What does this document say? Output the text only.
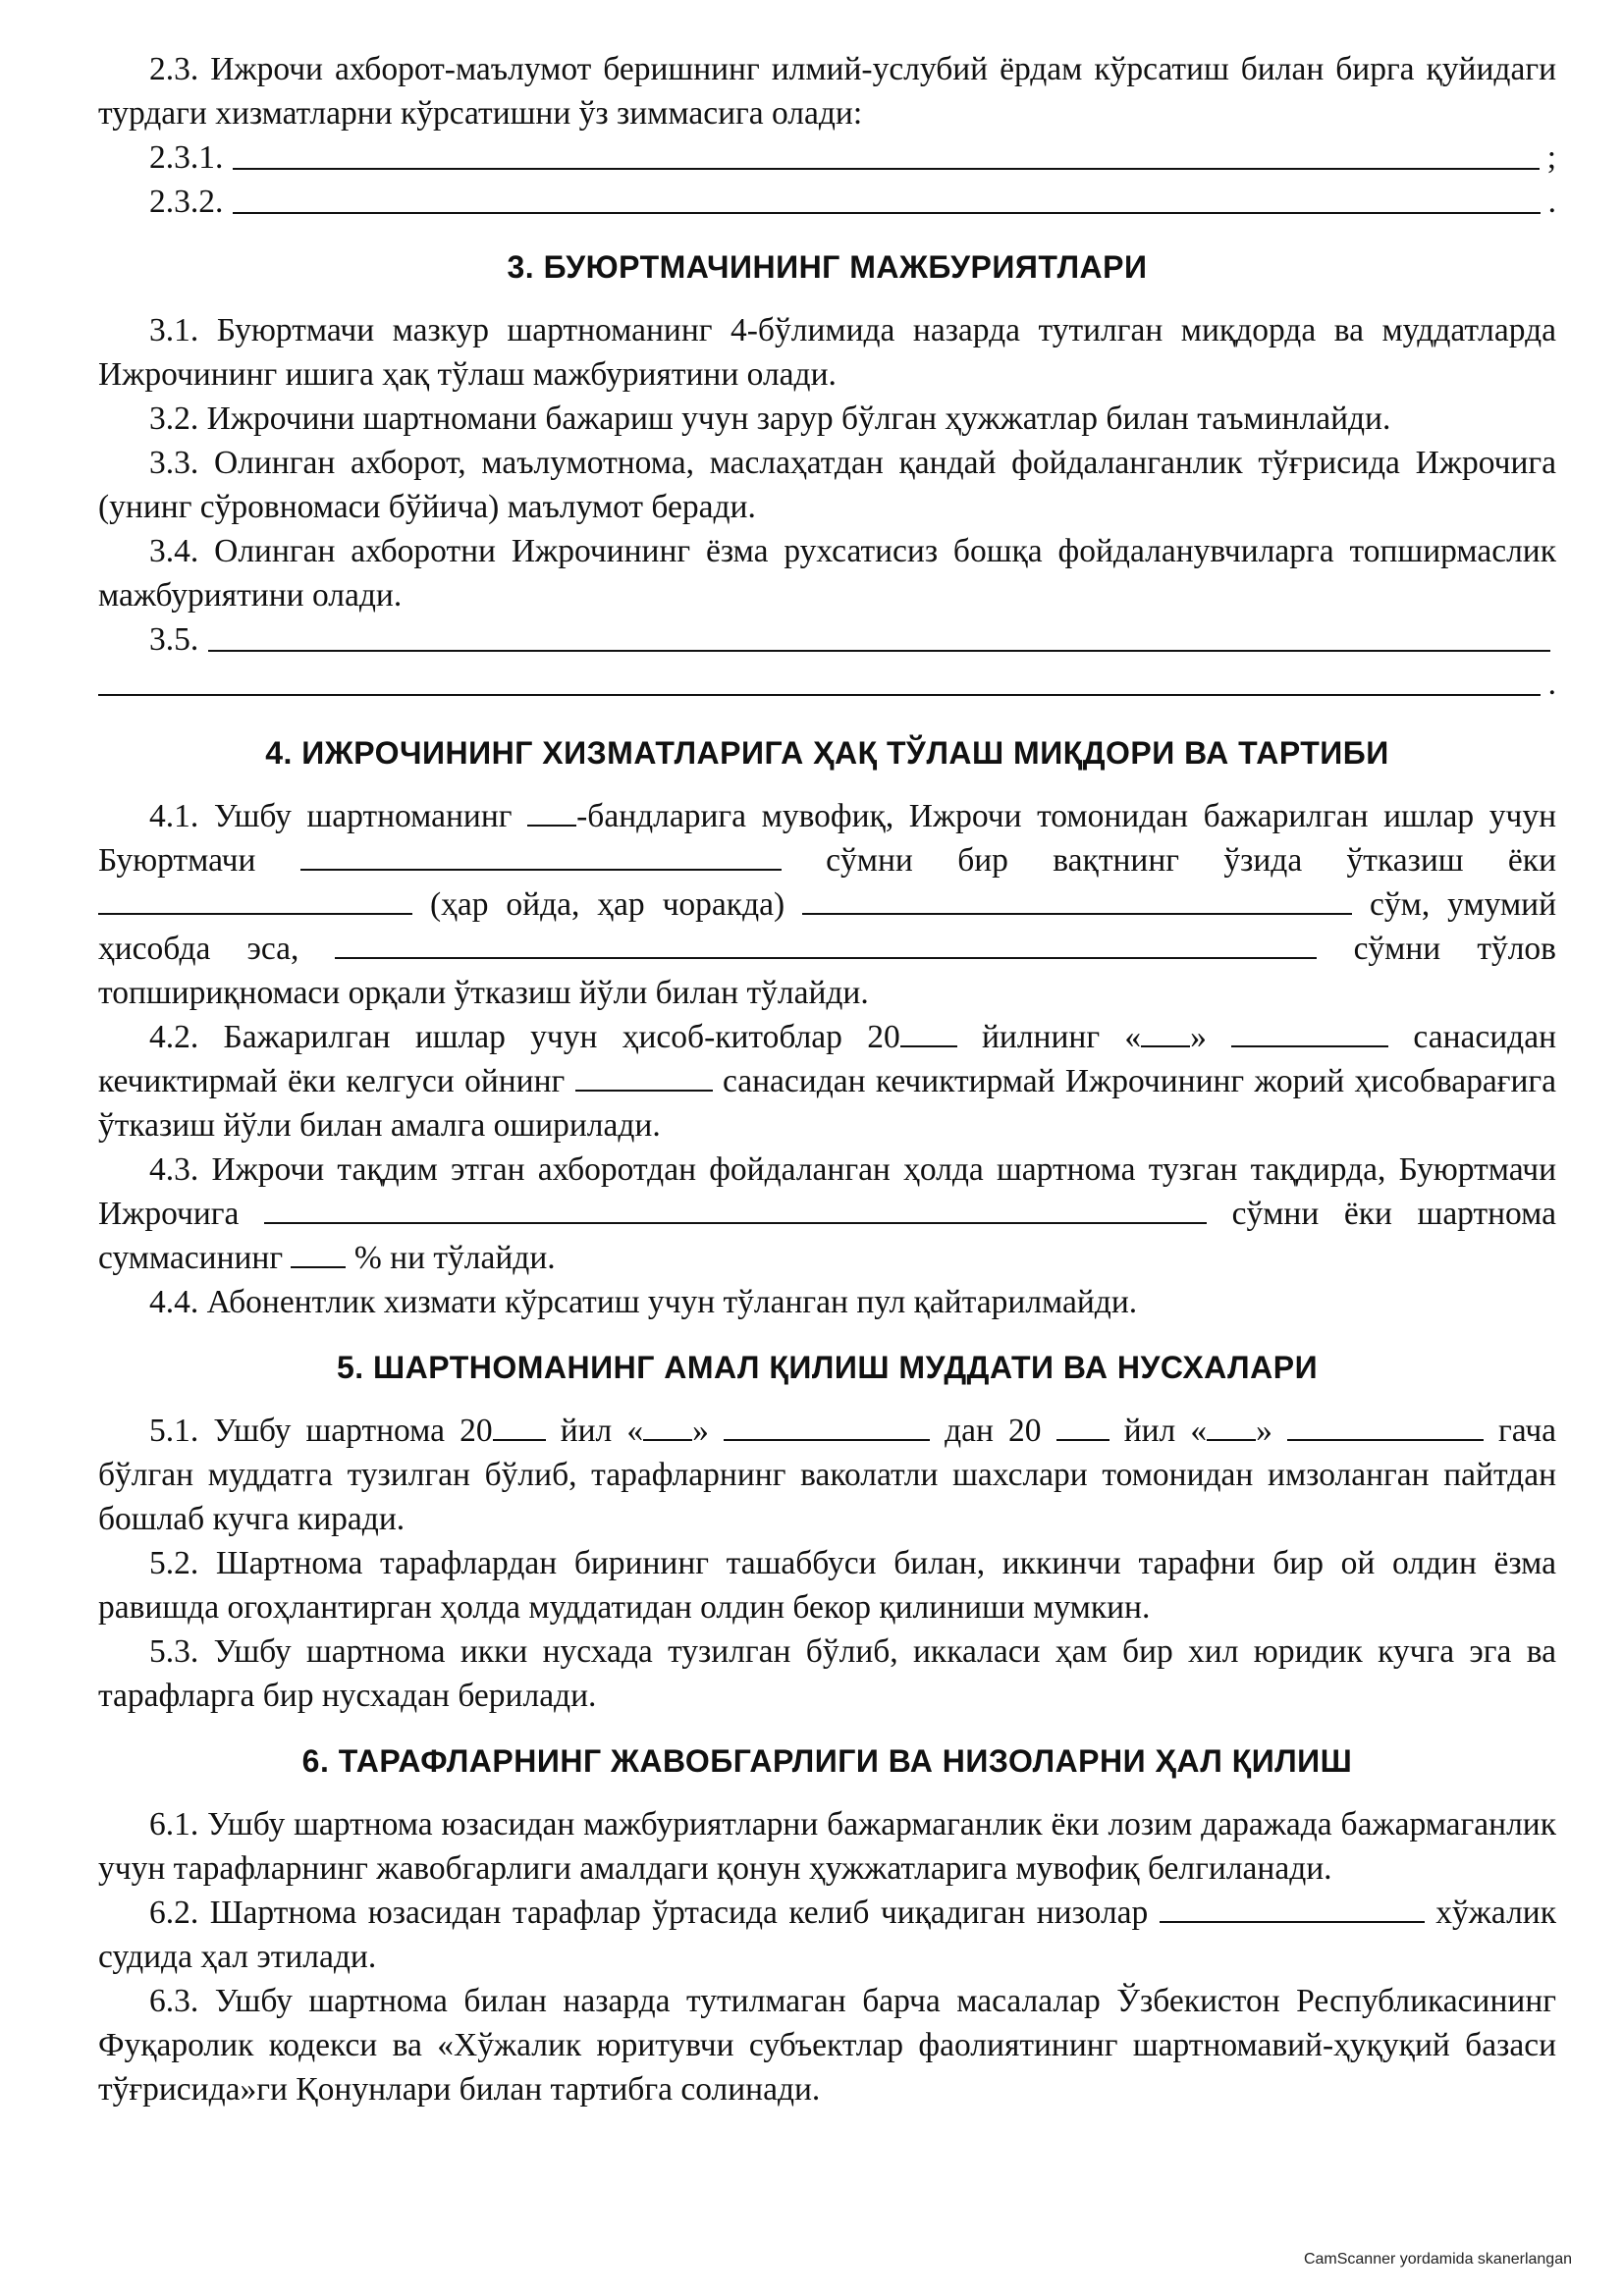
2.3. Ижрочи ахборот-маълумот беришнинг илмий-услубий ёрдам кўрсатиш билан бирга қуйидаги турдаги хизматларни кўрсатишни ўз зиммасига олади:

2.3.1.	;
2.3.2.	.
3. БУЮРТМАЧИНИНГ МАЖБУРИЯТЛАРИ

3.1. Буюртмачи мазкур шартноманинг 4-бўлимида назарда тутилган миқдорда ва муддатларда Ижрочининг ишига ҳақ тўлаш мажбуриятини олади.

3.2. Ижрочини шартномани бажариш учун зарур бўлган ҳужжатлар билан таъминлайди.

3.3. Олинган ахборот, маълумотнома, маслаҳатдан қандай фойдаланганлик тўғрисида Ижрочига (унинг сўровномаси бўйича) маълумот беради.

3.4. Олинган ахборотни Ижрочининг ёзма рухсатисиз бошқа фойдаланувчиларга топширмаслик мажбуриятини олади.

3.5.
.
4. ИЖРОЧИНИНГ ХИЗМАТЛАРИГА ҲАҚ ТЎЛАШ МИҚДОРИ ВА ТАРТИБИ

4.1. Ушбу шартноманинг -бандларига мувофиқ, Ижрочи томонидан бажарилган ишлар учун Буюртмачи	сўмни бир вақтнинг ўзида ўтказиш ёки  (ҳар ойда, ҳар чоракда)	сўм, умумий ҳисобда эса,	сўмни тўлов топшириқномаси орқали ўтказиш йўли билан тўлайди.

4.2. Бажарилган ишлар учун ҳисоб-китоблар 20 йилнинг « »	санасидан кечиктирмай ёки келгуси ойнинг	санасидан кечиктирмай Ижрочининг жорий ҳисобварағига ўтказиш йўли билан амалга оширилади.

4.3. Ижрочи тақдим этган ахборотдан фойдаланган ҳолда шартнома тузган тақдирда, Буюртмачи Ижрочига	сўмни ёки шартнома суммасининг % ни тўлайди.

4.4. Абонентлик хизмати кўрсатиш учун тўланган пул қайтарилмайди.

5. ШАРТНОМАНИНГ АМАЛ ҚИЛИШ МУДДАТИ ВА НУСХАЛАРИ

5.1. Ушбу шартнома 20 йил « »	дан 20	йил « »	гача бўлган муддатга тузилган бўлиб, тарафларнинг ваколатли шахслари томонидан имзоланган пайтдан бошлаб кучга киради.

5.2. Шартнома тарафлардан бирининг ташаббуси билан, иккинчи тарафни бир ой олдин ёзма равишда огоҳлантирган ҳолда муддатидан олдин бекор қилиниши мумкин.

5.3. Ушбу шартнома икки нусхада тузилган бўлиб, иккаласи ҳам бир хил юридик кучга эга ва тарафларга бир нусхадан берилади.

6. ТАРАФЛАРНИНГ ЖАВОБГАРЛИГИ ВА НИЗОЛАРНИ ҲАЛ ҚИЛИШ

6.1. Ушбу шартнома юзасидан мажбуриятларни бажармаганлик ёки лозим даражада бажармаганлик учун тарафларнинг жавобгарлиги амалдаги қонун ҳужжатларига мувофиқ белгиланади.

6.2. Шартнома юзасидан тарафлар ўртасида келиб чиқадиган низолар	хўжалик судида ҳал этилади.

6.3. Ушбу шартнома билан назарда тутилмаган барча масалалар Ўзбекистон Республикасининг Фуқаролик кодекси ва «Хўжалик юритувчи субъектлар фаолиятининг шартномавий-ҳуқуқий базаси тўғрисида»ги Қонунлари билан тартибга солинади.

CamScanner yordamida skanerlangan
